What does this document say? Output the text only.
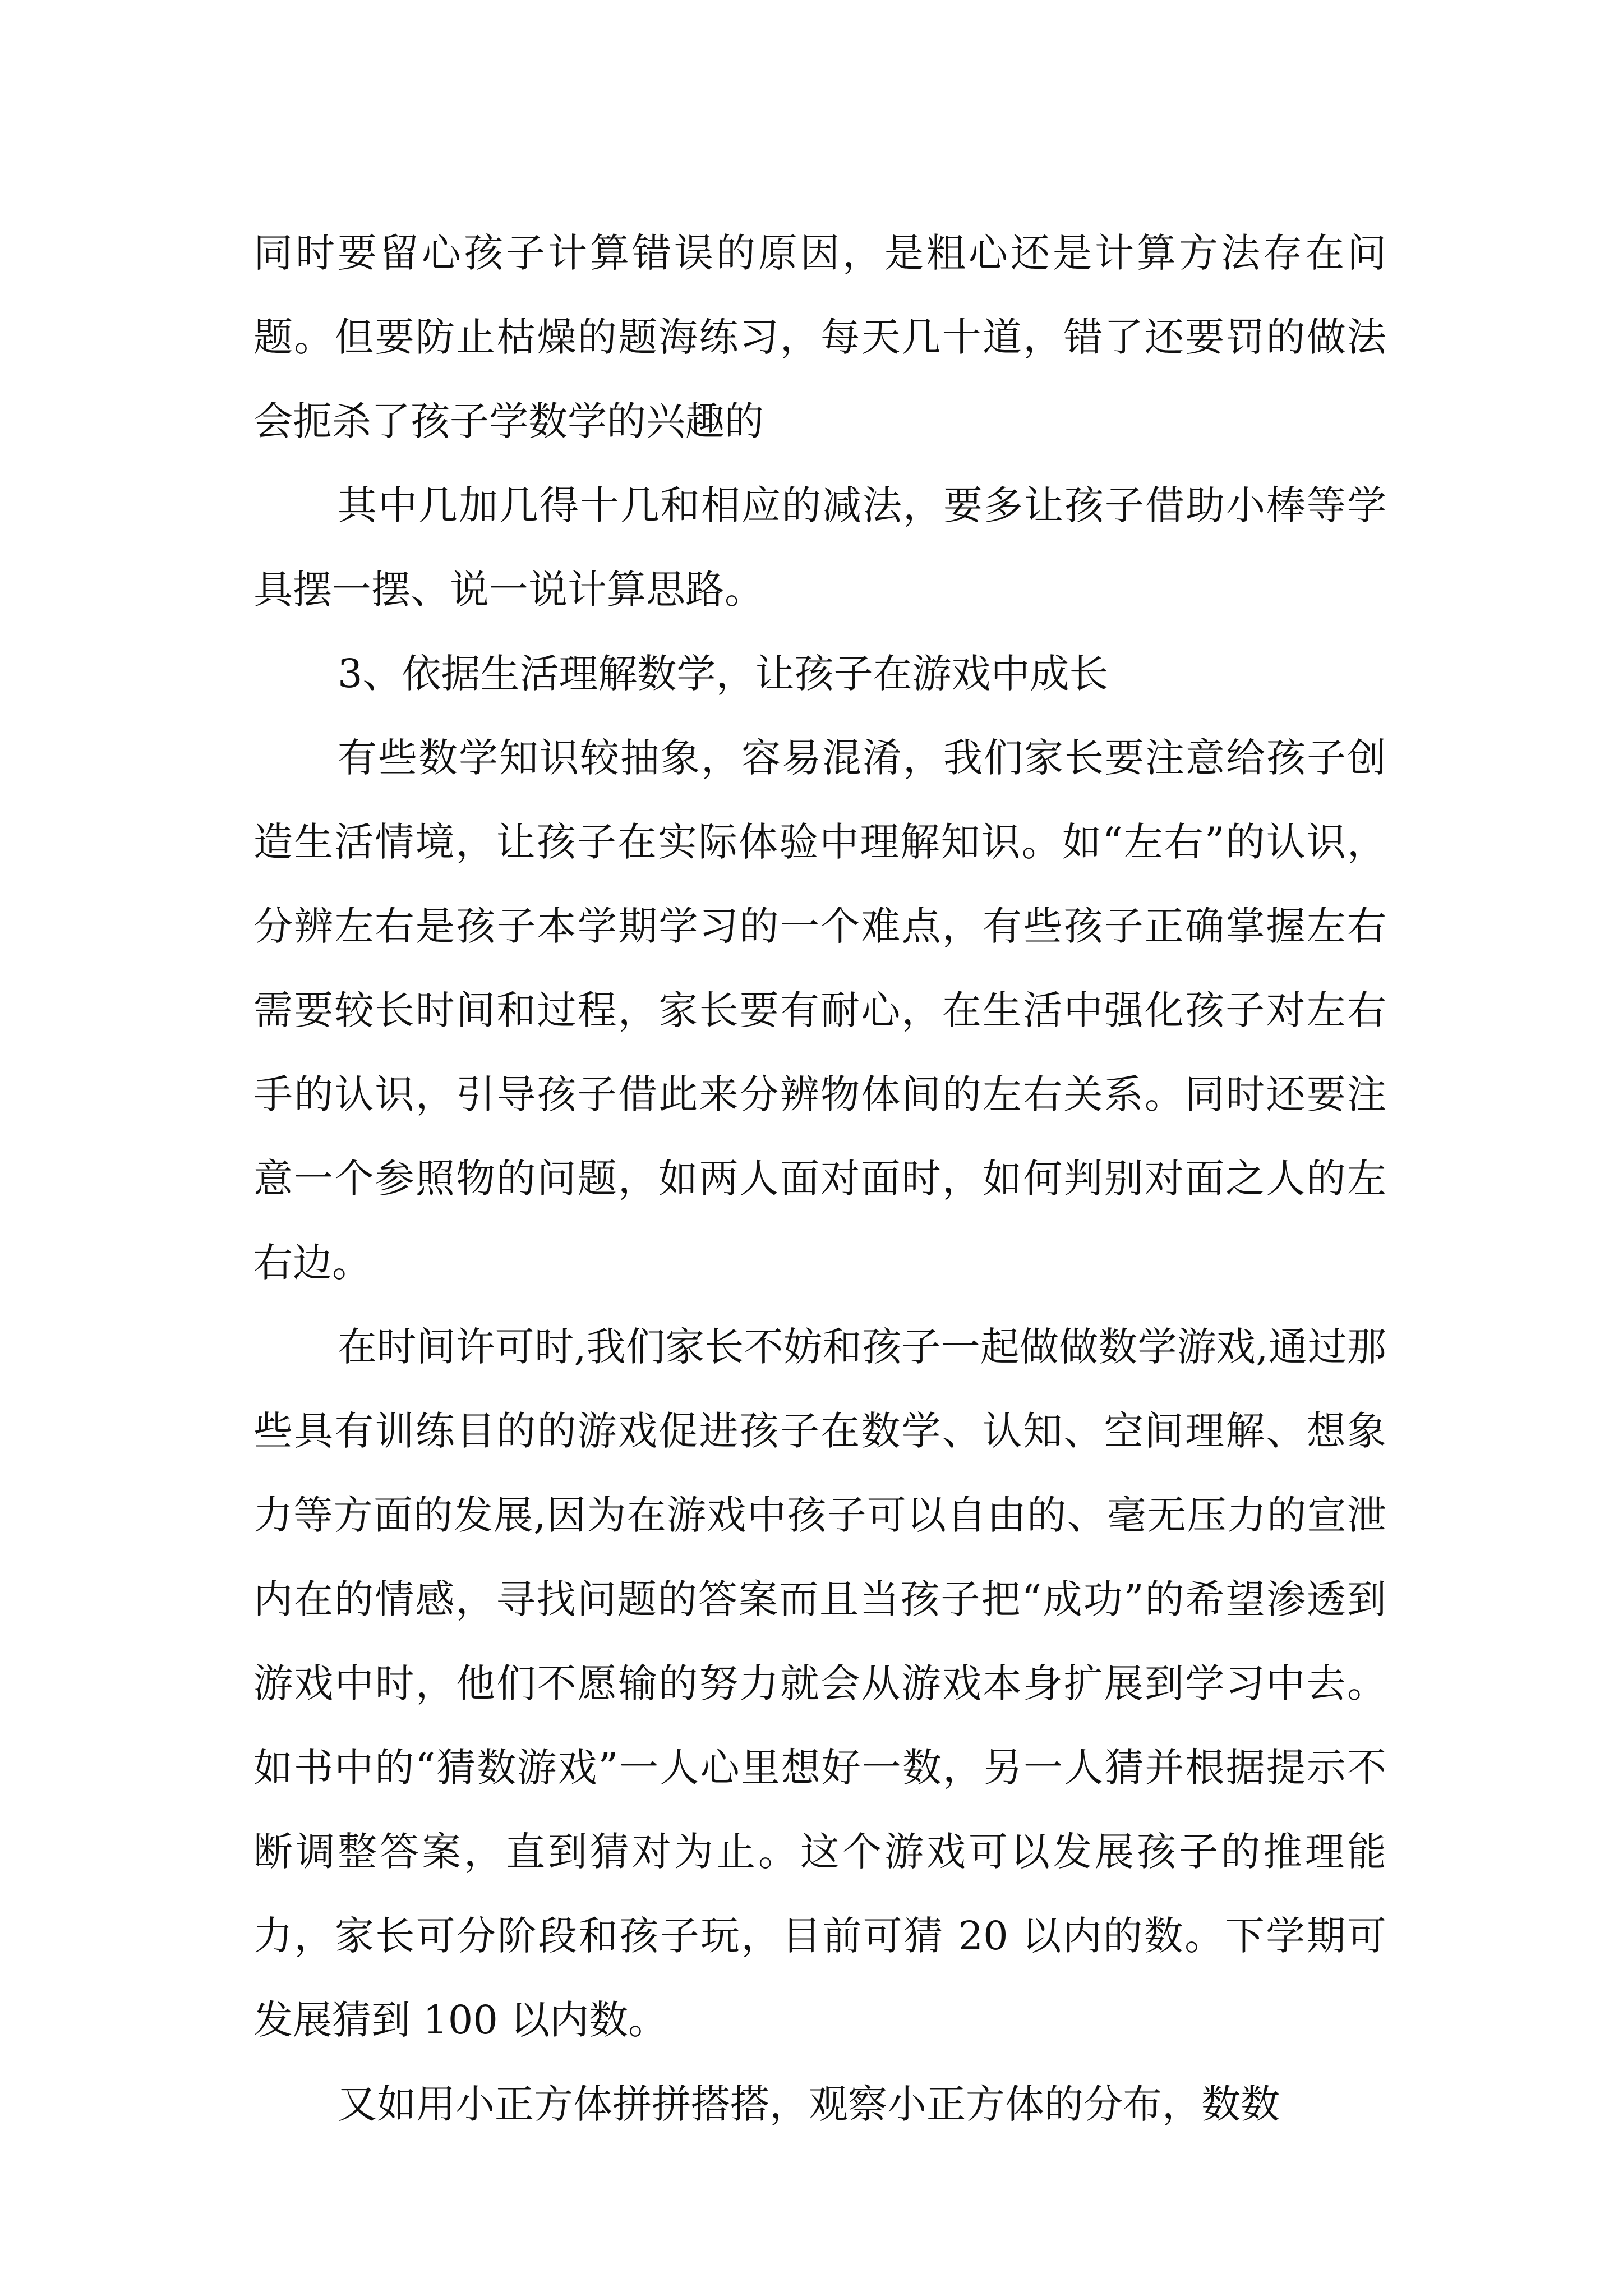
同时要留心孩子计算错误的原因，是粗心还是计算方法存在问题。但要防止枯燥的题海练习，每天几十道，错了还要罚的做法会扼杀了孩子学数学的兴趣的

其中几加几得十几和相应的减法，要多让孩子借助小棒等学具摆一摆、说一说计算思路。

3、依据生活理解数学，让孩子在游戏中成长

有些数学知识较抽象，容易混淆，我们家长要注意给孩子创造生活情境，让孩子在实际体验中理解知识。如“左右”的认识，分辨左右是孩子本学期学习的一个难点，有些孩子正确掌握左右需要较长时间和过程，家长要有耐心，在生活中强化孩子对左右手的认识，引导孩子借此来分辨物体间的左右关系。同时还要注意一个参照物的问题，如两人面对面时，如何判别对面之人的左右边。

在时间许可时,我们家长不妨和孩子一起做做数学游戏,通过那些具有训练目的的游戏促进孩子在数学、认知、空间理解、想象力等方面的发展,因为在游戏中孩子可以自由的、毫无压力的宣泄内在的情感，寻找问题的答案而且当孩子把“成功”的希望渗透到游戏中时，他们不愿输的努力就会从游戏本身扩展到学习中去。如书中的“猜数游戏”一人心里想好一数，另一人猜并根据提示不断调整答案，直到猜对为止。这个游戏可以发展孩子的推理能力，家长可分阶段和孩子玩，目前可猜 20 以内的数。下学期可发展猜到 100 以内数。

又如用小正方体拼拼搭搭，观察小正方体的分布，数数
